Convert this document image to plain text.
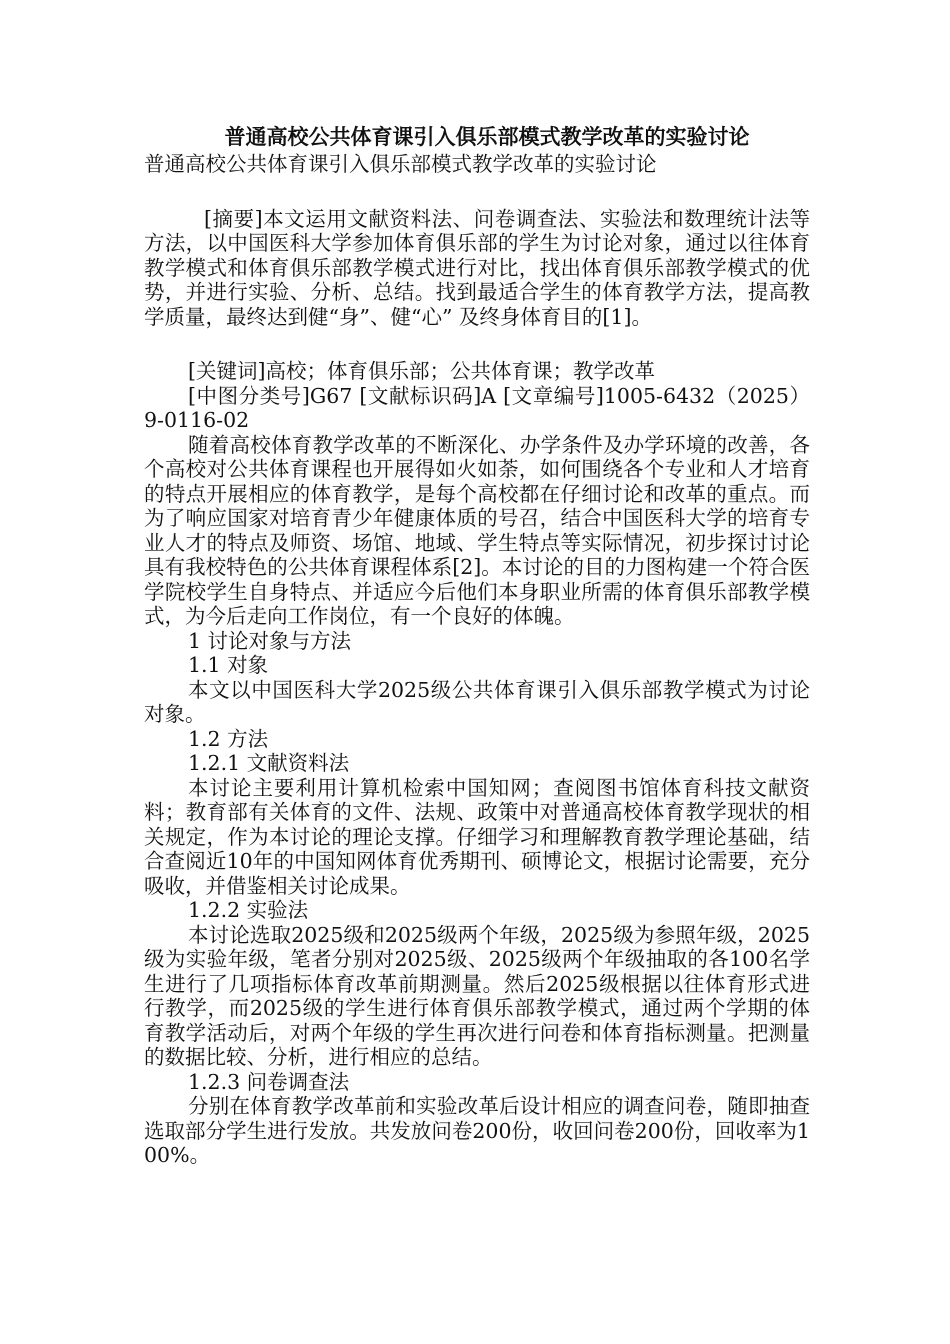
普通高校公共体育课引入俱乐部模式教学改革的实验讨论

普通高校公共体育课引入俱乐部模式教学改革的实验讨论

[摘要]本文运用文献资料法、问卷调查法、实验法和数理统计法等方法，以中国医科大学参加体育俱乐部的学生为讨论对象，通过以往体育教学模式和体育俱乐部教学模式进行对比，找出体育俱乐部教学模式的优势，并进行实验、分析、总结。找到最适合学生的体育教学方法，提高教学质量，最终达到健“身”、健“心” 及终身体育目的[1]。

[关键词]高校；体育俱乐部；公共体育课；教学改革

[中图分类号]G67 [文献标识码]A [文章编号]1005-6432（2025）9-0116-02

随着高校体育教学改革的不断深化、办学条件及办学环境的改善，各个高校对公共体育课程也开展得如火如荼，如何围绕各个专业和人才培育的特点开展相应的体育教学，是每个高校都在仔细讨论和改革的重点。而为了响应国家对培育青少年健康体质的号召，结合中国医科大学的培育专业人才的特点及师资、场馆、地域、学生特点等实际情况，初步探讨讨论具有我校特色的公共体育课程体系[2]。本讨论的目的力图构建一个符合医学院校学生自身特点、并适应今后他们本身职业所需的体育俱乐部教学模式，为今后走向工作岗位，有一个良好的体魄。

1 讨论对象与方法

1.1 对象

本文以中国医科大学2025级公共体育课引入俱乐部教学模式为讨论对象。

1.2 方法

1.2.1 文献资料法

本讨论主要利用计算机检索中国知网；查阅图书馆体育科技文献资料；教育部有关体育的文件、法规、政策中对普通高校体育教学现状的相关规定，作为本讨论的理论支撑。仔细学习和理解教育教学理论基础，结合查阅近10年的中国知网体育优秀期刊、硕博论文，根据讨论需要，充分吸收，并借鉴相关讨论成果。

1.2.2 实验法

本讨论选取2025级和2025级两个年级，2025级为参照年级，2025级为实验年级，笔者分别对2025级、2025级两个年级抽取的各100名学生进行了几项指标体育改革前期测量。然后2025级根据以往体育形式进行教学，而2025级的学生进行体育俱乐部教学模式，通过两个学期的体育教学活动后，对两个年级的学生再次进行问卷和体育指标测量。把测量的数据比较、分析，进行相应的总结。

1.2.3 问卷调查法

分别在体育教学改革前和实验改革后设计相应的调查问卷，随即抽查选取部分学生进行发放。共发放问卷200份，收回问卷200份，回收率为100%。
